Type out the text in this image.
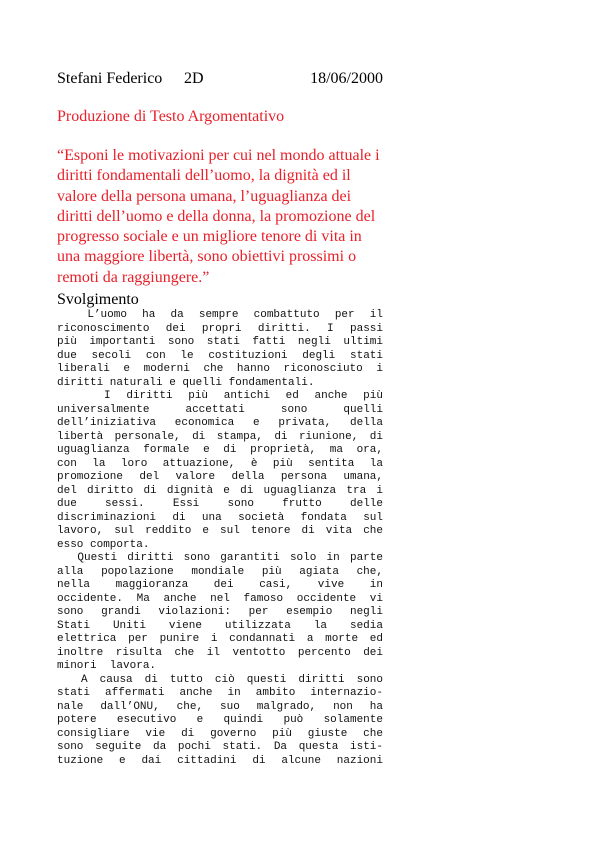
Stefani Federico 2D	18/06/2000
Produzione di Testo Argomentativo
“Esponi le motivazioni per cui nel mondo attuale i
diritti fondamentali dell’uomo, la dignità ed il
valore della persona umana, l’uguaglianza dei
diritti dell’uomo e della donna, la promozione del
progresso sociale e un migliore tenore di vita in
una maggiore libertà, sono obiettivi prossimi o
remoti da raggiungere.”
Svolgimento
L’uomo ha da sempre combattuto per il
riconoscimento dei propri diritti. I passi
più importanti sono stati fatti negli ultimi
due secoli con le costituzioni degli stati
liberali e moderni che hanno riconosciuto i
diritti naturali e quelli fondamentali.
I diritti più antichi ed anche più
universalmente accettati sono quelli
dell’iniziativa economica e privata, della
libertà personale, di stampa, di riunione, di
uguaglianza formale e di proprietà, ma ora,
con la loro attuazione, è più sentita la
promozione del valore della persona umana,
del diritto di dignità e di uguaglianza tra i
due sessi. Essi sono frutto delle
discriminazioni di una società fondata sul
lavoro, sul reddito e sul tenore di vita che
esso comporta.
Questi diritti sono garantiti solo in parte
alla popolazione mondiale più agiata che,
nella maggioranza dei casi, vive in
occidente. Ma anche nel famoso occidente vi
sono grandi violazioni: per esempio negli
Stati Uniti viene utilizzata la sedia
elettrica per punire i condannati a morte ed
inoltre risulta che il ventotto percento dei
minori  lavora.
A causa di tutto ciò questi diritti sono
stati affermati anche in ambito internazio-
nale dall’ONU, che, suo malgrado, non ha
potere esecutivo e quindi può solamente
consigliare vie di governo più giuste che
sono seguite da pochi stati. Da questa isti-
tuzione e dai cittadini di alcune nazioni
